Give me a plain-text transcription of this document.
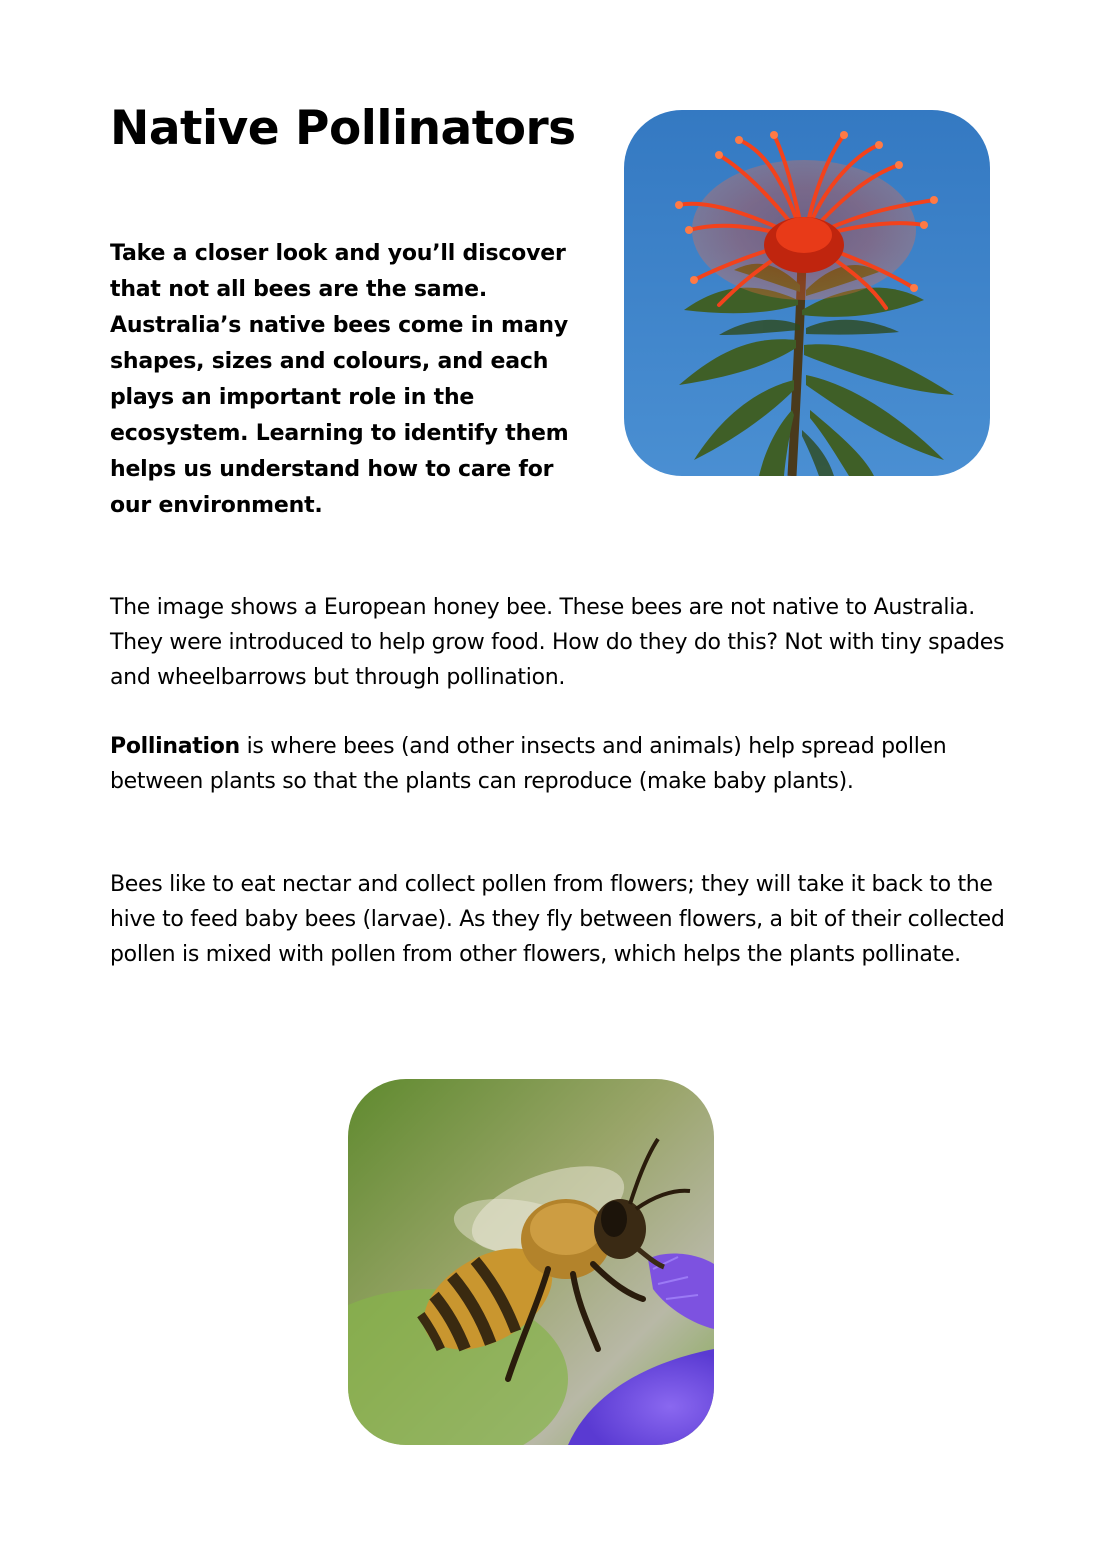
Native Pollinators

Take a closer look and you’ll discover that not all bees are the same. Australia’s native bees come in many shapes, sizes and colours, and each plays an important role in the ecosystem. Learning to identify them helps us understand how to care for our environment.

The image shows a European honey bee. These bees are not native to Australia. They were introduced to help grow food. How do they do this? Not with tiny spades and wheelbarrows but through pollination.

Pollination is where bees (and other insects and animals) help spread pollen between plants so that the plants can reproduce (make baby plants).

Bees like to eat nectar and collect pollen from flowers; they will take it back to the hive to feed baby bees (larvae). As they fly between flowers, a bit of their collected pollen is mixed with pollen from other flowers, which helps the plants pollinate.
